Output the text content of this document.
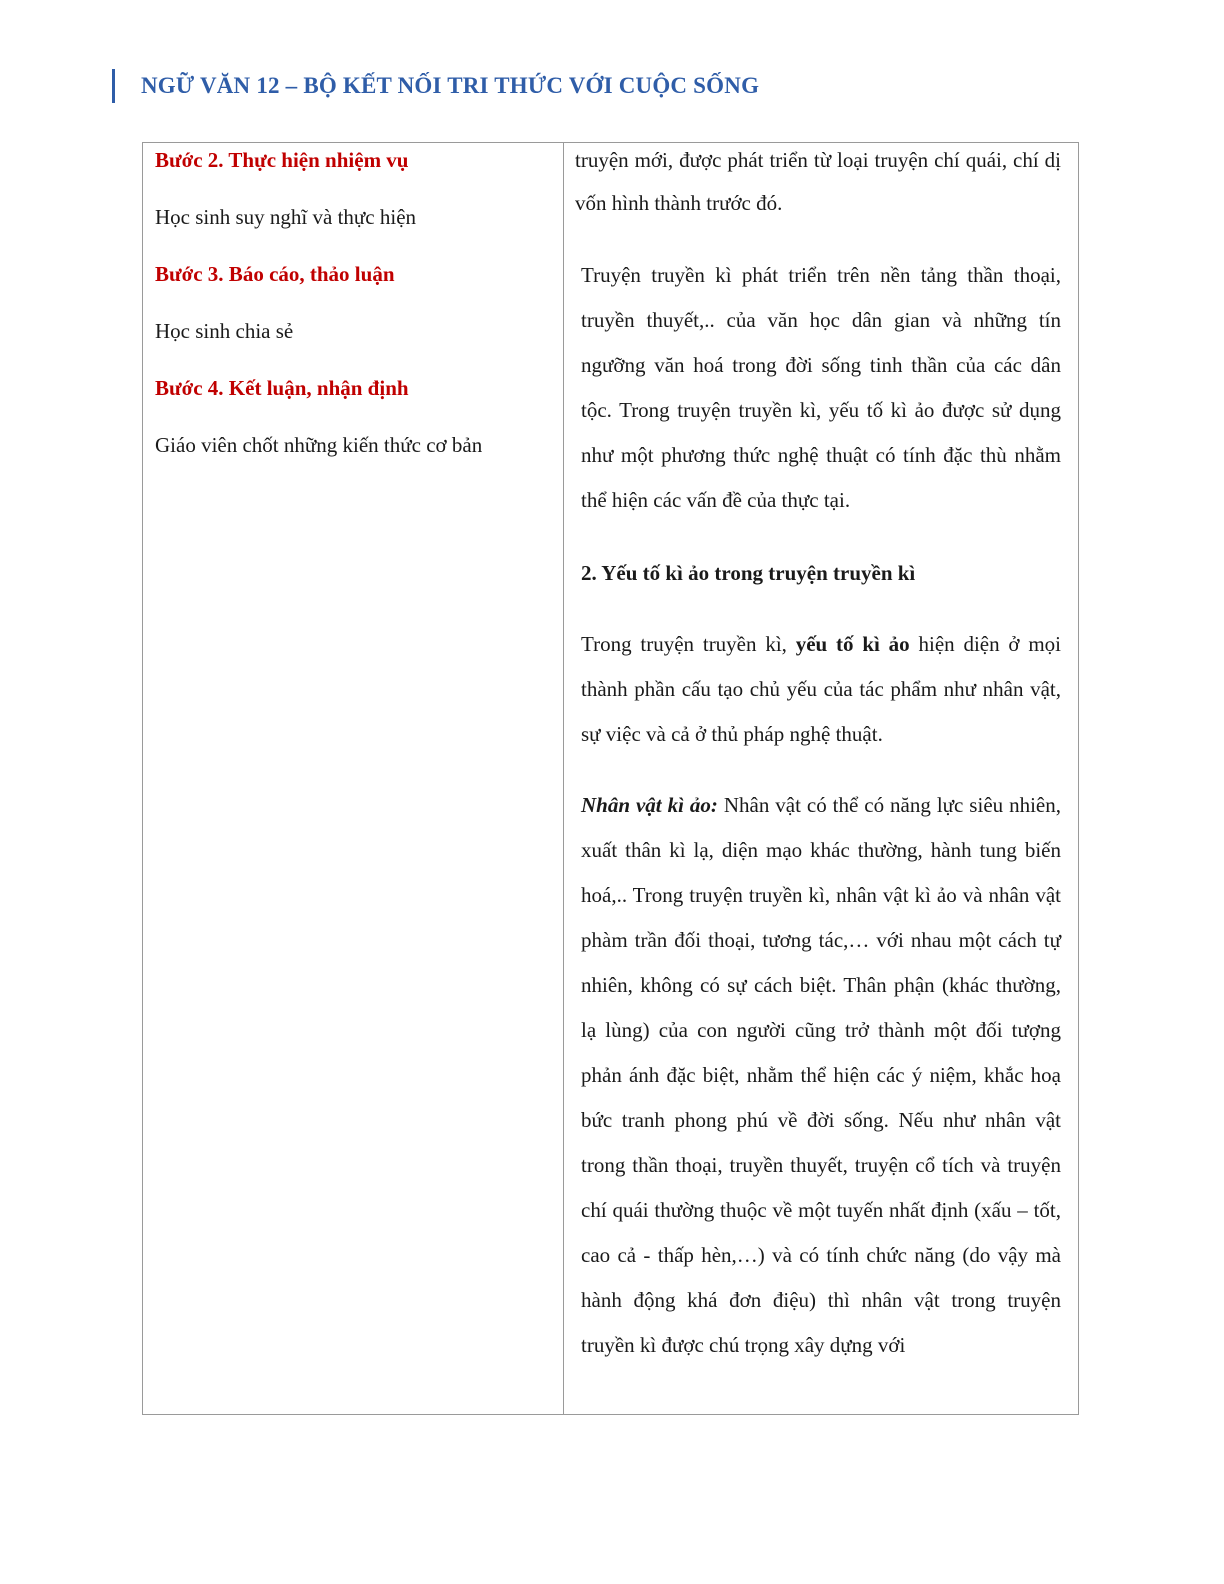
NGỮ VĂN 12 – BỘ KẾT NỐI TRI THỨC VỚI CUỘC SỐNG

Bước 2. Thực hiện nhiệm vụ

Học sinh suy nghĩ và thực hiện

Bước 3. Báo cáo, thảo luận

Học sinh chia sẻ

Bước 4. Kết luận, nhận định

Giáo viên chốt những kiến thức cơ bản

truyện mới, được phát triển từ loại truyện chí quái, chí dị vốn hình thành trước đó.

Truyện truyền kì phát triển trên nền tảng thần thoại, truyền thuyết,.. của văn học dân gian và những tín ngưỡng văn hoá trong đời sống tinh thần của các dân tộc. Trong truyện truyền kì, yếu tố kì ảo được sử dụng như một phương thức nghệ thuật có tính đặc thù nhằm thể hiện các vấn đề của thực tại.

2. Yếu tố kì ảo trong truyện truyền kì

Trong truyện truyền kì, yếu tố kì ảo hiện diện ở mọi thành phần cấu tạo chủ yếu của tác phẩm như nhân vật, sự việc và cả ở thủ pháp nghệ thuật.

Nhân vật kì ảo: Nhân vật có thể có năng lực siêu nhiên, xuất thân kì lạ, diện mạo khác thường, hành tung biến hoá,.. Trong truyện truyền kì, nhân vật kì ảo và nhân vật phàm trần đối thoại, tương tác,… với nhau một cách tự nhiên, không có sự cách biệt. Thân phận (khác thường, lạ lùng) của con người cũng trở thành một đối tượng phản ánh đặc biệt, nhằm thể hiện các ý niệm, khắc hoạ bức tranh phong phú về đời sống. Nếu như nhân vật trong thần thoại, truyền thuyết, truyện cổ tích và truyện chí quái thường thuộc về một tuyến nhất định (xấu – tốt, cao cả - thấp hèn,…) và có tính chức năng (do vậy mà hành động khá đơn điệu) thì nhân vật trong truyện truyền kì được chú trọng xây dựng với
